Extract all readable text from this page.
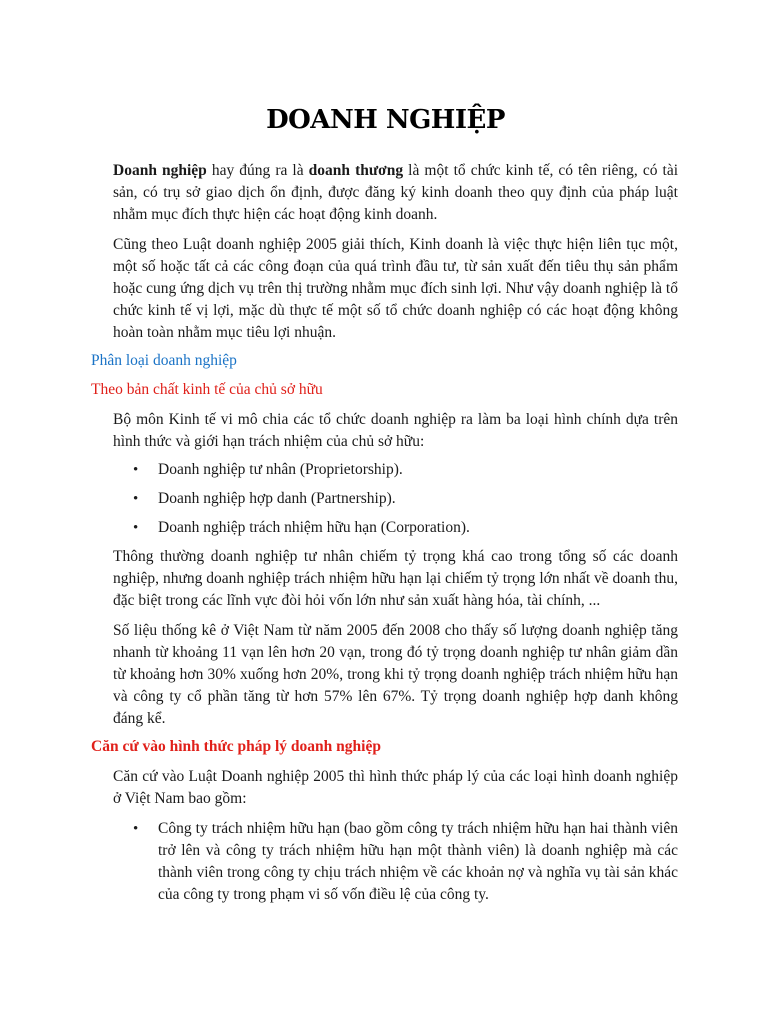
DOANH NGHIỆP

Doanh nghiệp hay đúng ra là doanh thương là một tổ chức kinh tế, có tên riêng, có tài sản, có trụ sở giao dịch ổn định, được đăng ký kinh doanh theo quy định của pháp luật nhằm mục đích thực hiện các hoạt động kinh doanh.

Cũng theo Luật doanh nghiệp 2005 giải thích, Kinh doanh là việc thực hiện liên tục một, một số hoặc tất cả các công đoạn của quá trình đầu tư, từ sản xuất đến tiêu thụ sản phẩm hoặc cung ứng dịch vụ trên thị trường nhằm mục đích sinh lợi. Như vậy doanh nghiệp là tổ chức kinh tế vị lợi, mặc dù thực tế một số tổ chức doanh nghiệp có các hoạt động không hoàn toàn nhằm mục tiêu lợi nhuận.

Phân loại doanh nghiệp
Theo bản chất kinh tế của chủ sở hữu

Bộ môn Kinh tế vi mô chia các tổ chức doanh nghiệp ra làm ba loại hình chính dựa trên hình thức và giới hạn trách nhiệm của chủ sở hữu:

• Doanh nghiệp tư nhân (Proprietorship).
• Doanh nghiệp hợp danh (Partnership).
• Doanh nghiệp trách nhiệm hữu hạn (Corporation).

Thông thường doanh nghiệp tư nhân chiếm tỷ trọng khá cao trong tổng số các doanh nghiệp, nhưng doanh nghiệp trách nhiệm hữu hạn lại chiếm tỷ trọng lớn nhất về doanh thu, đặc biệt trong các lĩnh vực đòi hỏi vốn lớn như sản xuất hàng hóa, tài chính, ...

Số liệu thống kê ở Việt Nam từ năm 2005 đến 2008 cho thấy số lượng doanh nghiệp tăng nhanh từ khoảng 11 vạn lên hơn 20 vạn, trong đó tỷ trọng doanh nghiệp tư nhân giảm dần từ khoảng hơn 30% xuống hơn 20%, trong khi tỷ trọng doanh nghiệp trách nhiệm hữu hạn và công ty cổ phần tăng từ hơn 57% lên 67%. Tỷ trọng doanh nghiệp hợp danh không đáng kể.

Căn cứ vào hình thức pháp lý doanh nghiệp

Căn cứ vào Luật Doanh nghiệp 2005 thì hình thức pháp lý của các loại hình doanh nghiệp ở Việt Nam bao gồm:

• Công ty trách nhiệm hữu hạn (bao gồm công ty trách nhiệm hữu hạn hai thành viên trở lên và công ty trách nhiệm hữu hạn một thành viên) là doanh nghiệp mà các thành viên trong công ty chịu trách nhiệm về các khoản nợ và nghĩa vụ tài sản khác của công ty trong phạm vi số vốn điều lệ của công ty.
